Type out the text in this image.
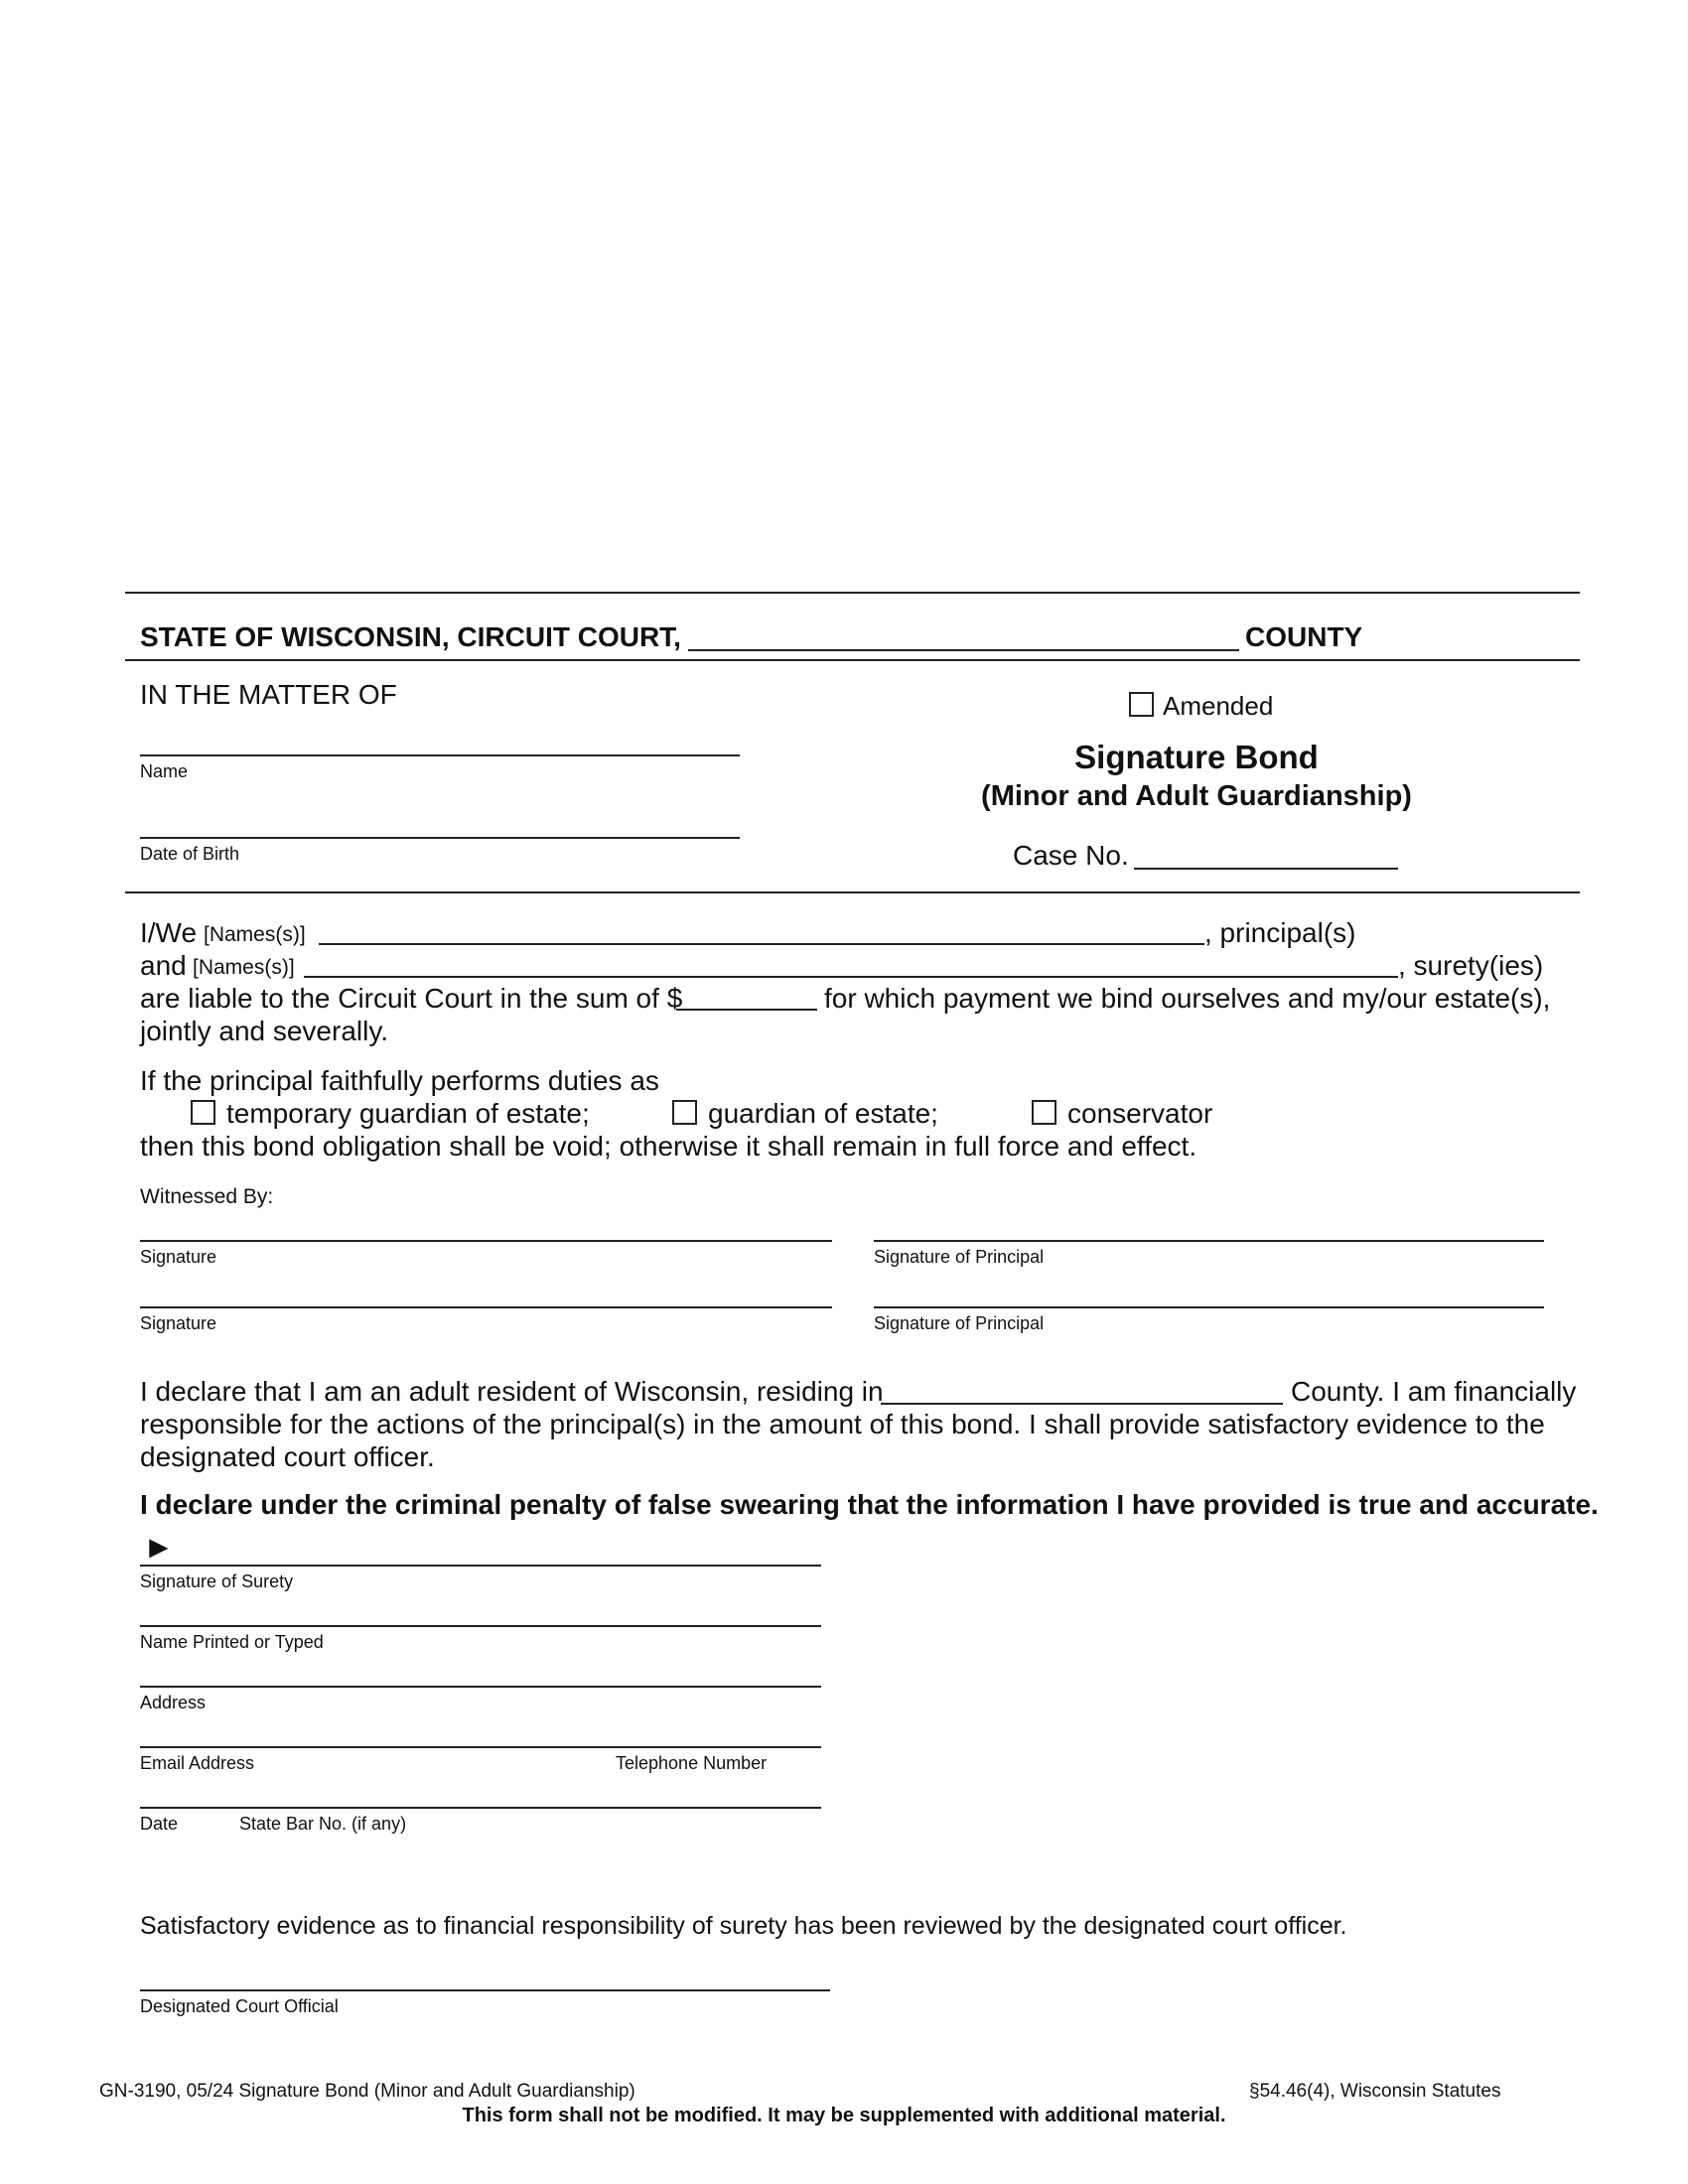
STATE OF WISCONSIN, CIRCUIT COURT,	COUNTY
IN THE MATTER OF
Name
Date of Birth
Amended
Signature Bond
(Minor and Adult Guardianship)
Case No.
I/We [Names(s)]	, principal(s)
and [Names(s)]	, surety(ies)
are liable to the Circuit Court in the sum of $	for which payment we bind ourselves and my/our estate(s),
jointly and severally.
If the principal faithfully performs duties as
temporary guardian of estate;	guardian of estate;	conservator
then this bond obligation shall be void; otherwise it shall remain in full force and effect.
Witnessed By:
Signature	Signature of Principal
Signature	Signature of Principal
I declare that I am an adult resident of Wisconsin, residing in	County. I am financially
responsible for the actions of the principal(s) in the amount of this bond. I shall provide satisfactory evidence to the
designated court officer.
I declare under the criminal penalty of false swearing that the information I have provided is true and accurate.
►
Signature of Surety
Name Printed or Typed
Address
Email Address	Telephone Number
Date	State Bar No. (if any)
Satisfactory evidence as to financial responsibility of surety has been reviewed by the designated court officer.
Designated Court Official
GN-3190, 05/24 Signature Bond (Minor and Adult Guardianship)	§54.46(4), Wisconsin Statutes
This form shall not be modified. It may be supplemented with additional material.
